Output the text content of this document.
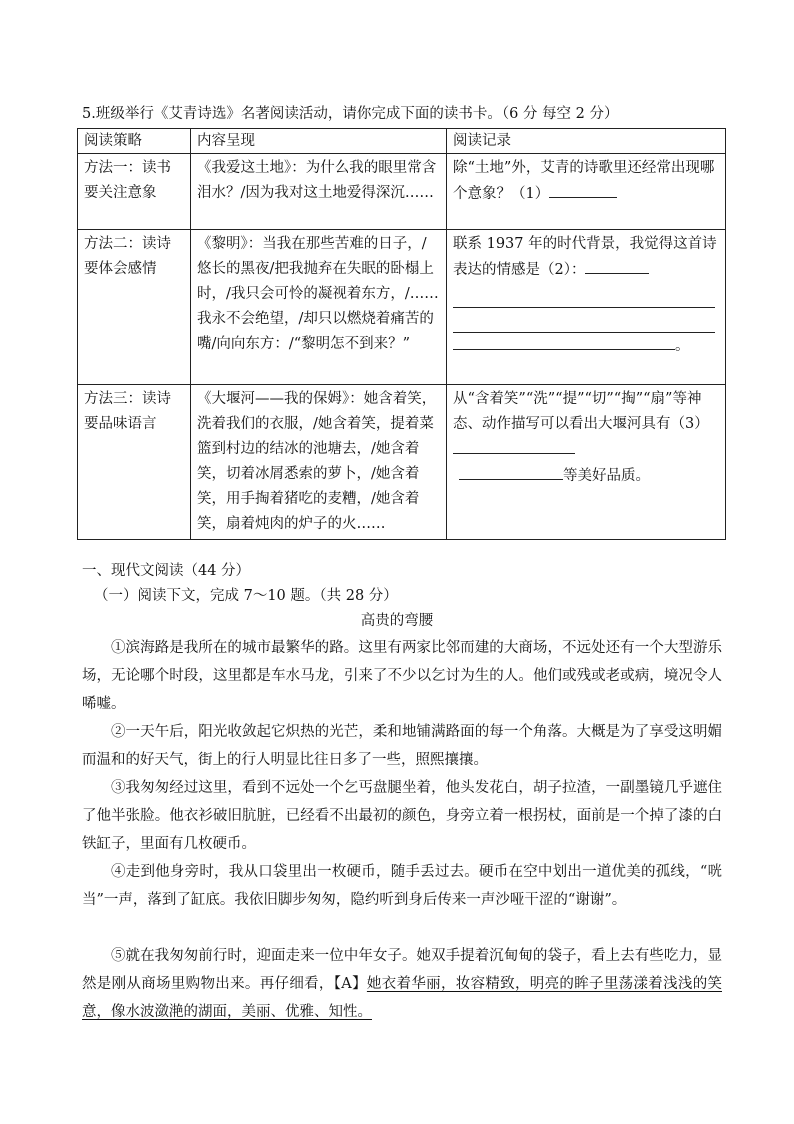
5.班级举行《艾青诗选》名著阅读活动，请你完成下面的读书卡。（6 分 每空 2 分）
阅读策略	内容呈现	阅读记录
方法一：读书要关注意象	《我爱这土地》：为什么我的眼里常含泪水？/因为我对这土地爱得深沉……	除“土地”外，艾青的诗歌里还经常出现哪个意象？（1）
方法二：读诗要体会感情	《黎明》：当我在那些苦难的日子，/悠长的黑夜/把我抛弃在失眠的卧榻上时，/我只会可怜的凝视着东方，/……我永不会绝望，/却只以燃烧着痛苦的嘴/向向东方：/“黎明怎不到来？”	联系 1937 年的时代背景，我觉得这首诗表达的情感是（2）：
。

方法三：读诗要品味语言	《大堰河——我的保姆》：她含着笑，洗着我们的衣服，/她含着笑，提着菜篮到村边的结冰的池塘去，/她含着笑，切着冰屑悉索的萝卜，/她含着笑，用手掏着猪吃的麦糟，/她含着笑，扇着炖肉的炉子的火……	从“含着笑”“洗”“提”“切”“掏”“扇”等神态、动作描写可以看出大堰河具有（3）
等美好品质。
一、现代文阅读（44 分）
（一）阅读下文，完成 7～10 题。（共 28 分）
高贵的弯腰
①滨海路是我所在的城市最繁华的路。这里有两家比邻而建的大商场，不远处还有一个大型游乐场，无论哪个时段，这里都是车水马龙，引来了不少以乞讨为生的人。他们或残或老或病，境况令人唏嘘。
②一天午后，阳光收敛起它炽热的光芒，柔和地铺满路面的每一个角落。大概是为了享受这明媚而温和的好天气，街上的行人明显比往日多了一些，照熙攘攘。
③我匆匆经过这里，看到不远处一个乞丐盘腿坐着，他头发花白，胡子拉渣，一副墨镜几乎遮住了他半张脸。他衣衫破旧肮脏，已经看不出最初的颜色，身旁立着一根拐杖，面前是一个掉了漆的白铁缸子，里面有几枚硬币。
④走到他身旁时，我从口袋里出一枚硬币，随手丢过去。硬币在空中划出一道优美的孤线，“咣当”一声，落到了缸底。我依旧脚步匆匆，隐约听到身后传来一声沙哑干涩的“谢谢”。
⑤就在我匆匆前行时，迎面走来一位中年女子。她双手提着沉甸甸的袋子，看上去有些吃力，显然是刚从商场里购物出来。再仔细看，【A】她衣着华丽，妆容精致，明亮的眸子里荡漾着浅浅的笑意，像水波潋滟的湖面，美丽、优雅、知性。
